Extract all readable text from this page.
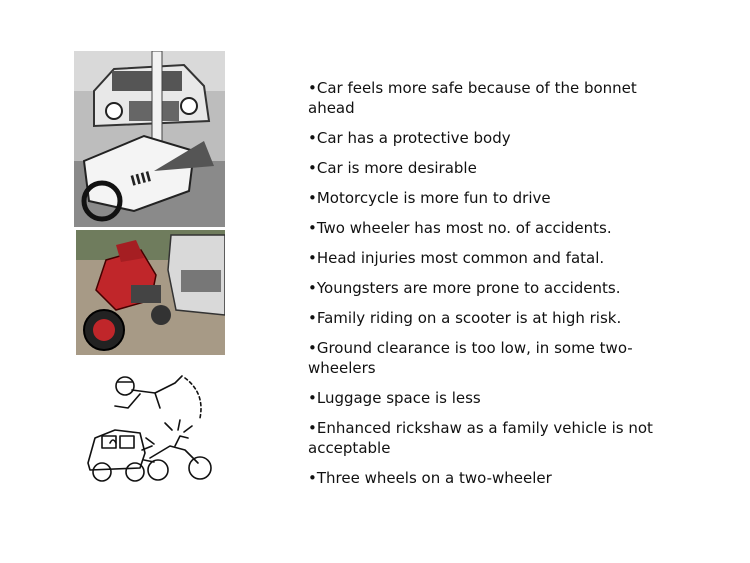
IIII
•Car feels more safe because of the bonnet ahead
•Car has a protective body
•Car is more desirable
•Motorcycle is more fun to drive
•Two wheeler has most no. of accidents.
•Head injuries most common and fatal.
•Youngsters are more prone to accidents.
•Family riding on a scooter is at high risk.
•Ground clearance is too low, in some two-wheelers
•Luggage space is less
•Enhanced rickshaw as a family vehicle is not acceptable
•Three wheels on a two-wheeler
